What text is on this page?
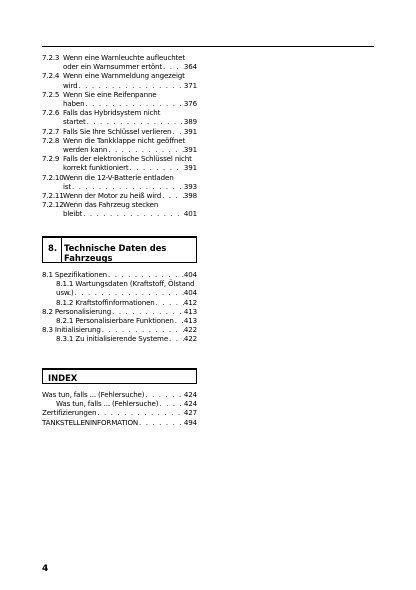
7.2.3 Wenn eine Warnleuchte aufleuchtet
oder ein Warnsummer ertönt . . .	364
7.2.4 Wenn eine Warnmeldung angezeigt
wird . . .	371
7.2.5 Wenn Sie eine Reifenpanne
haben . . .	376
7.2.6 Falls das Hybridsystem nicht
startet . . .	389
7.2.7 Falls Sie Ihre Schlüssel verlieren . . . 391
7.2.8 Wenn die Tankklappe nicht geöffnet
werden kann . . .	391
7.2.9 Falls der elektronische Schlüssel nicht
korrekt funktioniert . . .	391
7.2.10 Wenn die 12-V-Batterie entladen
ist . . .	393
7.2.11 Wenn der Motor zu heiß wird . . .	398
7.2.12 Wenn das Fahrzeug stecken
bleibt . . .	401
8. Technische Daten des Fahrzeugs
8.1 Spezifikationen . . .	404
8.1.1 Wartungsdaten (Kraftstoff, Ölstand
usw.) . . .	404
8.1.2 Kraftstoffinformationen . . .	412
8.2 Personalisierung . . .	413
8.2.1 Personalisierbare Funktionen . . . 413
8.3 Initialisierung . . .	422
8.3.1 Zu initialisierende Systeme . . . 422
INDEX
Was tun, falls ... (Fehlersuche) . . .	424
Was tun, falls ... (Fehlersuche) . . .	424
Zertifizierungen . . .	427
TANKSTELLENINFORMATION . . .	494
4
